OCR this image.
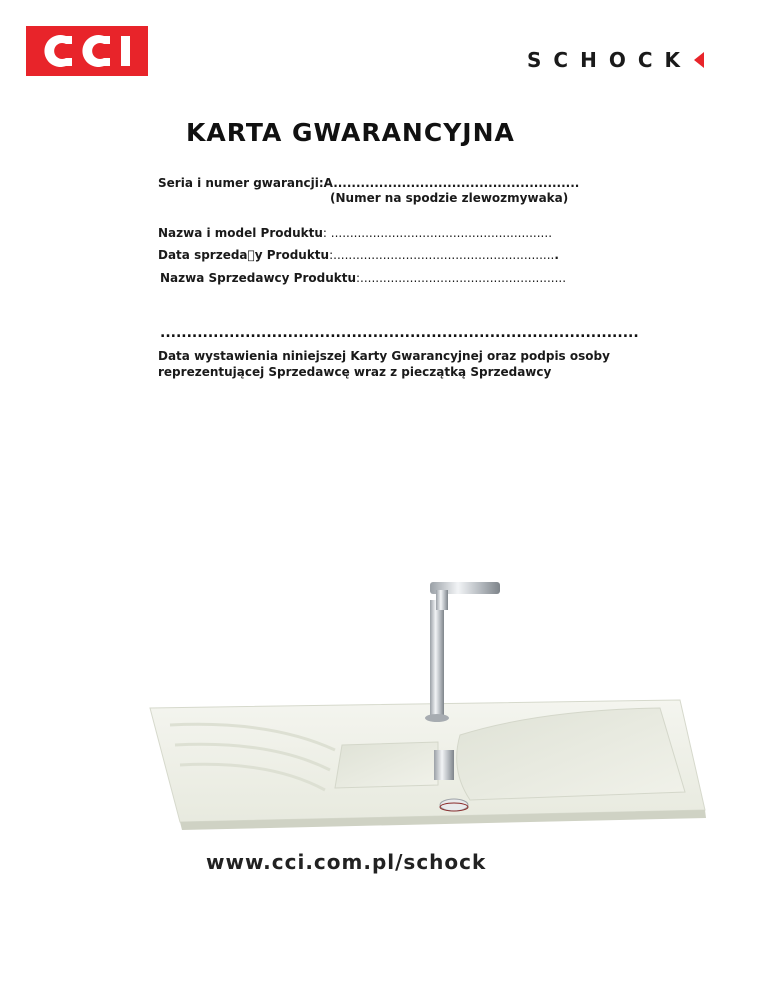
SCHOCK
KARTA GWARANCYJNA
Seria i numer gwarancji:A......................................................
(Numer na spodzie zlewozmywaka)
Nazwa i model Produktu: ..........................................................
Data sprzeda y Produktu:...........................................................
Nazwa Sprzedawcy Produktu:......................................................
..........................................................................................
Data wystawienia niniejszej Karty Gwarancyjnej oraz podpis osoby reprezentującej Sprzedawcę wraz z pieczątką Sprzedawcy
www.cci.com.pl/schock
